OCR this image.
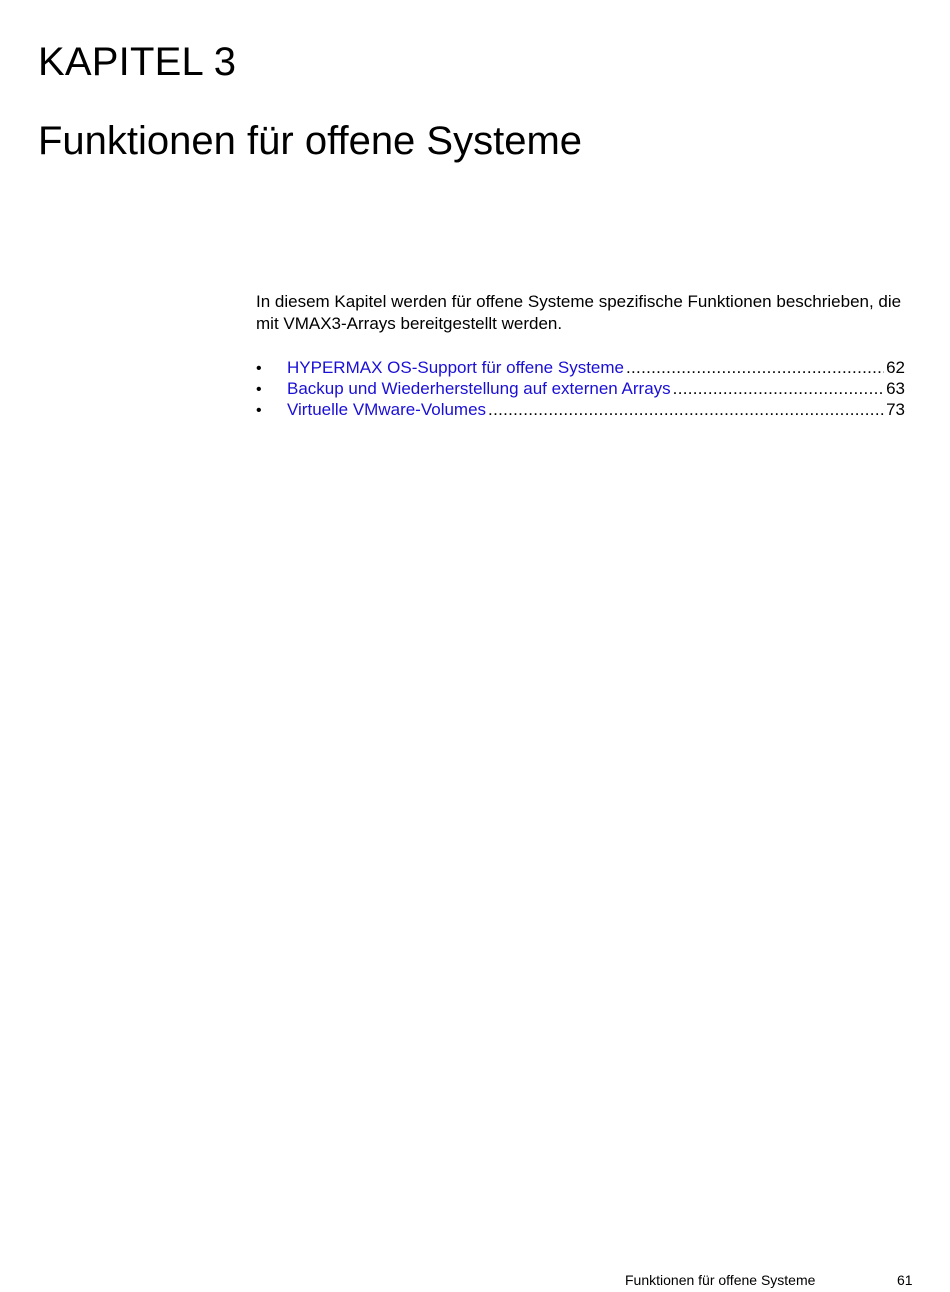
KAPITEL 3
Funktionen für offene Systeme

In diesem Kapitel werden für offene Systeme spezifische Funktionen beschrieben, die mit VMAX3-Arrays bereitgestellt werden.

•	HYPERMAX OS-Support für offene Systeme .....	62
•	Backup und Wiederherstellung auf externen Arrays .....	63
•	Virtuelle VMware-Volumes .....	73
Funktionen für offene Systeme	61
